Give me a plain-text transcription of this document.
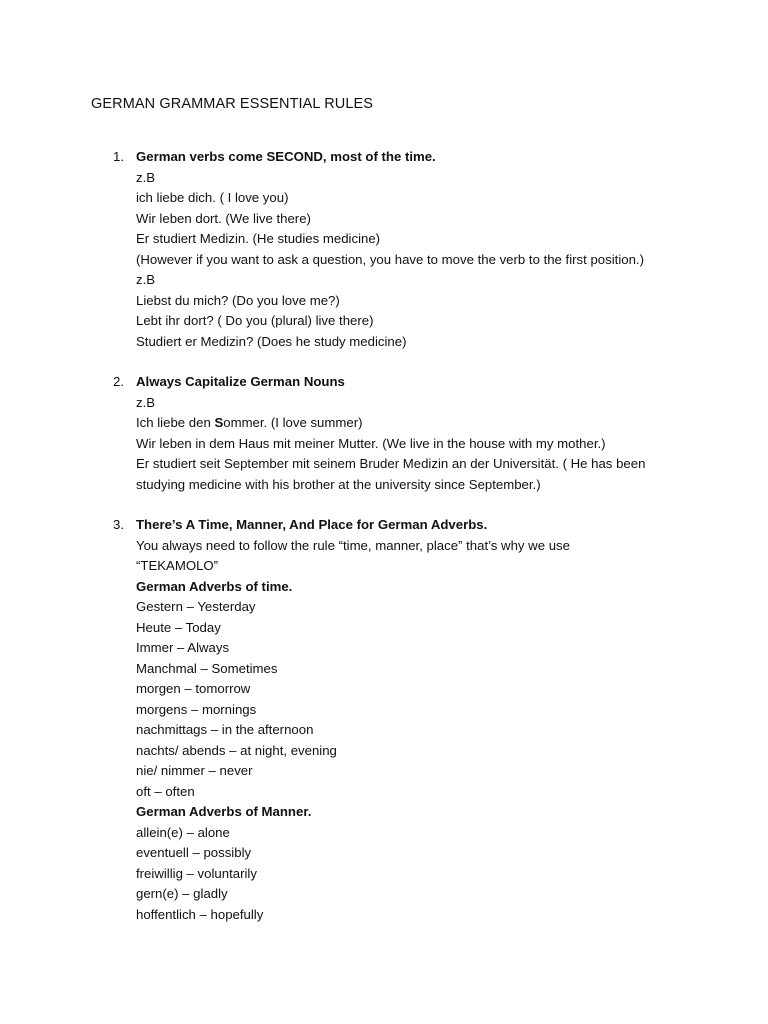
GERMAN GRAMMAR ESSENTIAL RULES
1. German verbs come SECOND, most of the time.
z.B
ich liebe dich. ( I love you)
Wir leben dort. (We live there)
Er studiert Medizin. (He studies medicine)
(However if you want to ask a question, you have to move the verb to the first position.)
z.B
Liebst du mich? (Do you love me?)
Lebt ihr dort? ( Do you (plural) live there)
Studiert er Medizin? (Does he study medicine)
2. Always Capitalize German Nouns
z.B
Ich liebe den Sommer. (I love summer)
Wir leben in dem Haus mit meiner Mutter. (We live in the house with my mother.)
Er studiert seit September mit seinem Bruder Medizin an der Universität. ( He has been studying medicine with his brother at the university since September.)
3. There’s A Time, Manner, And Place for German Adverbs.
You always need to follow the rule “time, manner, place” that’s why we use “TEKAMOLO”
German Adverbs of time.
Gestern – Yesterday
Heute – Today
Immer – Always
Manchmal – Sometimes
morgen – tomorrow
morgens – mornings
nachmittags – in the afternoon
nachts/ abends – at night, evening
nie/ nimmer – never
oft – often
German Adverbs of Manner.
allein(e) – alone
eventuell – possibly
freiwillig – voluntarily
gern(e) – gladly
hoffentlich – hopefully
